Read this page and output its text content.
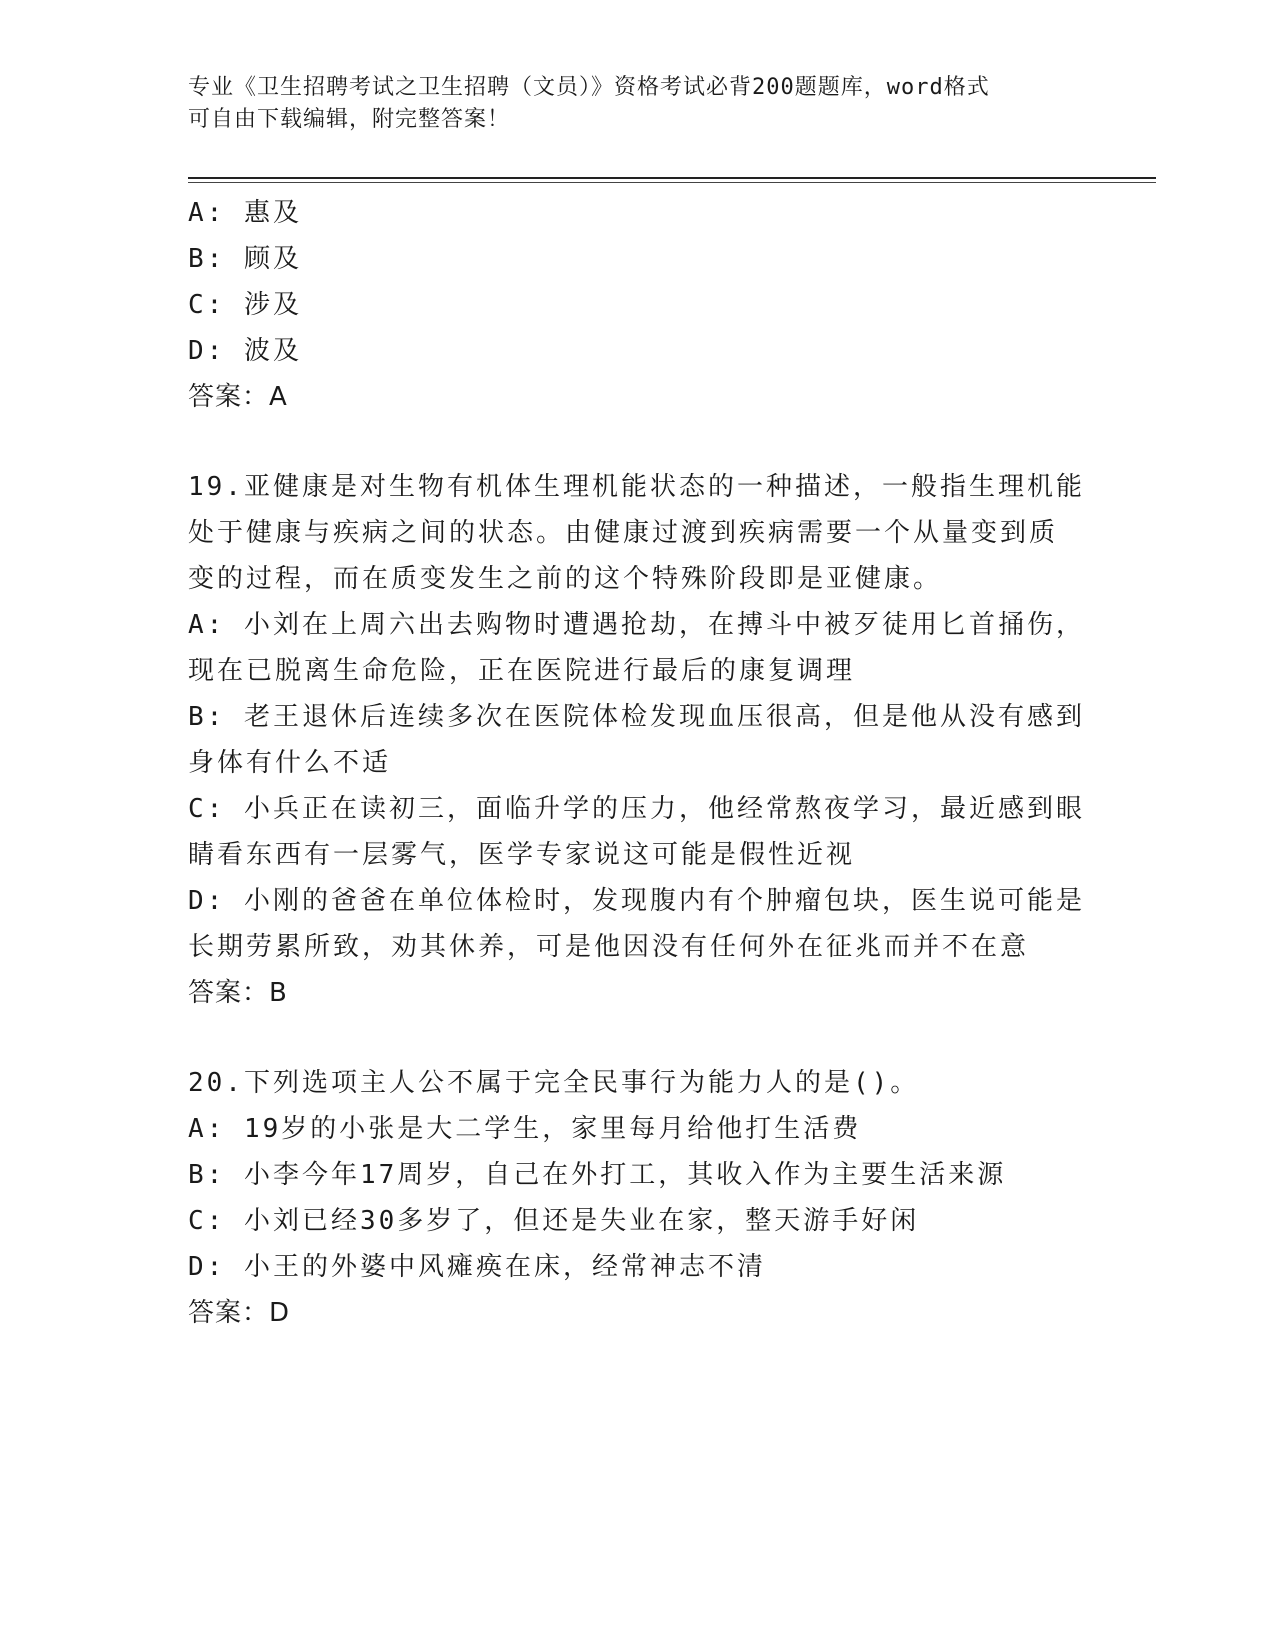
专业《卫生招聘考试之卫生招聘（文员）》资格考试必背200题题库，word格式
可自由下载编辑，附完整答案！
A: 惠及
B: 顾及
C: 涉及
D: 波及
答案：A
19.亚健康是对生物有机体生理机能状态的一种描述，一般指生理机能
处于健康与疾病之间的状态。由健康过渡到疾病需要一个从量变到质
变的过程，而在质变发生之前的这个特殊阶段即是亚健康。
A: 小刘在上周六出去购物时遭遇抢劫，在搏斗中被歹徒用匕首捅伤，
现在已脱离生命危险，正在医院进行最后的康复调理
B: 老王退休后连续多次在医院体检发现血压很高，但是他从没有感到
身体有什么不适
C: 小兵正在读初三，面临升学的压力，他经常熬夜学习，最近感到眼
睛看东西有一层雾气，医学专家说这可能是假性近视
D: 小刚的爸爸在单位体检时，发现腹内有个肿瘤包块，医生说可能是
长期劳累所致，劝其休养，可是他因没有任何外在征兆而并不在意
答案：B
20.下列选项主人公不属于完全民事行为能力人的是()。
A: 19岁的小张是大二学生，家里每月给他打生活费
B: 小李今年17周岁，自己在外打工，其收入作为主要生活来源
C: 小刘已经30多岁了，但还是失业在家，整天游手好闲
D: 小王的外婆中风瘫痪在床，经常神志不清
答案：D
